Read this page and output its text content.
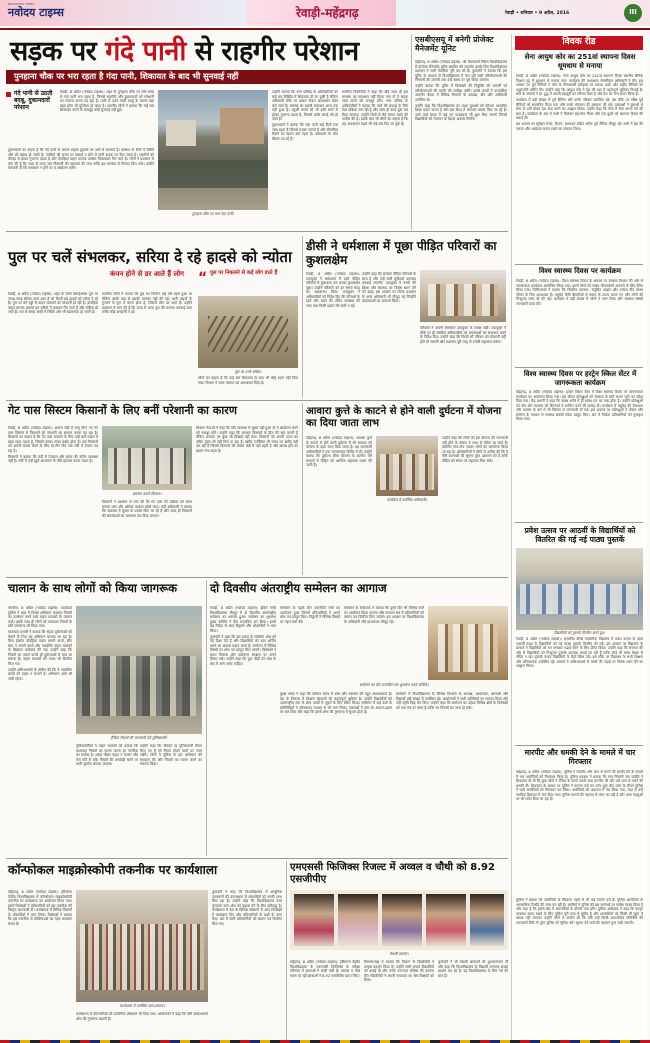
नवोदय टाइम्स
NAVODAYA TIMES
रेवाड़ी-महेंद्रगढ़	रेवाड़ी • शनिवार • 9 अप्रैल, 2016	III
सड़क पर गंदे पानी से राहगीर परेशान
पुनहाना चौक पर भरा रहता है गंदा पानी, शिकायत के बाद भी सुनवाई नहीं
गंदे पानी से उठती बदबू, दुकानदारों परेशान

रेवाड़ी, 8 अप्रैल (नवोदय टाइम्स): शहर के पुनहाना चौक पर लंबे समय से गंदा पानी भरा रहता है, जिससे राहगीरों और दुकानदारों को परेशानी का सामना करना पड़ रहा है। पानी से उठने वाली बदबू के कारण यहां खड़ा होना भी मुश्किल हो जाता है। स्थानीय लोगों ने बताया कि कई बार शिकायत करने के बावजूद कोई सुनवाई नहीं हुई।

दुकानदारों का कहना है कि गंदे पानी के कारण ग्राहक दुकानों पर आने से कतराते हैं। बरसात के दिनों में स्थिति और भी खराब हो जाती है। नालियों की समय पर सफाई न होने से पानी सड़क पर फैल जाता है। राहगीरों को कीचड़ से होकर गुजरना पड़ता है और दोपहिया वाहन चालक अक्सर फिसलकर गिर जाते हैं। लोगों ने प्रशासन से मांग की है कि जल्द से जल्द जल निकासी की व्यवस्था की जाए ताकि इस समस्या से निजात मिल सके। उन्होंने चेतावनी दी कि समाधान न होने पर वे आंदोलन करेंगे।

पुनहाना चौक पर भरा गंदा पानी।

उन्होंने बताया कि नगर परिषद के अधिकारियों को कई बार लिखित में शिकायत दी जा चुकी है लेकिन अधिकारी मौके पर आकर केवल आश्वासन देकर चले जाते हैं। समस्या का स्थायी समाधान आज तक नहीं हुआ है। स्कूली बच्चों को भी इसी रास्ते से होकर गुजरना पड़ता है, जिससे उनके कपड़े गंदे हो जाते हैं।

दुकानदारों ने बताया कि गंदा पानी कई दिनों तक जमा रहता है जिससे मच्छर पनपते हैं और बीमारियां फैलने का खतरा बना रहता है। आसपास के लोग बीमार पड़ रहे हैं।

स्थानीय निवासियों ने कहा कि यदि जल्द ही इस समस्या का समाधान नहीं किया गया तो वे सड़क जाम करने को मजबूर होंगे। नगर परिषद के अधिकारियों ने बताया कि नाले की सफाई के लिए टेंडर प्रक्रिया चल रही है और जल्द ही कार्य शुरू कर दिया जाएगा। उन्होंने लोगों से धैर्य बनाए रखने की अपील की है। इसके बाद भी लोगों का कहना है कि यह आश्वासन पहले भी कई बार दिए जा चुके हैं।

एसबीएसयू में बनेगी प्रोजेक्ट मैनेजमेंट यूनिट

महेंद्रगढ़, 8 अप्रैल (नवोदय टाइम्स): श्री विश्वकर्मा स्किल विश्वविद्यालय में प्रोजेक्ट मैनेजमेंट यूनिट स्थापित की जाएगी। इसके लिए विश्वविद्यालय प्रशासन ने सभी तैयारियां पूरी कर ली हैं। कुलपति ने बताया कि इस यूनिट के माध्यम से विश्वविद्यालय में चल रही सभी परियोजनाओं की निगरानी की जाएगी तथा उन्हें समय पर पूरा किया जाएगा।

उन्होंने बताया कि यूनिट में विशेषज्ञों की नियुक्ति की जाएगी जो परियोजनाओं की प्रगति की समीक्षा करेंगे। इससे कार्यों में पारदर्शिता आएगी। बैठक में विभिन्न विभागों के अध्यक्ष, डीन और अधिकारी उपस्थित थे।

उन्होंने कहा कि विश्वविद्यालय का लक्ष्य युवाओं को कौशल आधारित शिक्षा प्रदान करना है और इस दिशा में लगातार प्रयास किए जा रहे हैं। आने वाले समय में कई नए पाठ्यक्रम भी शुरू किए जाएंगे जिनसे विद्यार्थियों को रोजगार के बेहतर अवसर मिलेंगे।

विवक रीड
सेना आयुध कोर का 251वां स्थापना दिवस धूमधाम से मनाया

रेवाड़ी, 8 अप्रैल (नवोदय टाइम्स): सेना आयुध कोर का 251वां स्थापना दिवस स्थानीय सैनिक विश्राम गृह में धूमधाम से मनाया गया। कार्यक्रम की अध्यक्षता सेवानिवृत्त अधिकारी ने की। इस अवसर पर पूर्व सैनिकों ने कोर के गौरवशाली इतिहास पर प्रकाश डाला और शहीद सैनिकों को श्रद्धांजलि अर्पित की। उन्होंने कहा कि आयुध कोर ने देश की रक्षा में महत्वपूर्ण भूमिका निभाई है। कोर के जवानों ने हर युद्ध में अपनी बहादुरी का परिचय दिया है और देश का नाम रोशन किया है।

कार्यक्रम में बड़ी संख्या में पूर्व सैनिक और उनके परिवार उपस्थित रहे। इस मौके पर वरिष्ठ पूर्व सैनिकों को सम्मानित किया गया और उनके योगदान की सराहना की गई। वक्ताओं ने युवाओं से सेना में भर्ती होकर देश सेवा करने का आह्वान किया। उन्होंने कहा कि सेना में सेवा करना गर्व की बात है। कार्यक्रम के अंत में सभी ने मिलकर सहभोज किया और एक-दूसरे को स्थापना दिवस की बधाई दी।

इस अवसर पर सूबेदार मेजर, कैप्टन, हवलदार सहित अनेक पूर्व सैनिक मौजूद रहे। सभी ने देश की एकता और अखंडता बनाए रखने का संकल्प लिया।

विश्व स्वास्थ्य दिवस पर कार्यक्रम

रेवाड़ी, 8 अप्रैल (नवोदय टाइम्स): विश्व स्वास्थ्य दिवस के अवसर पर स्वास्थ्य विभाग की ओर से जागरूकता कार्यक्रम आयोजित किया गया। इसमें लोगों को स्वस्थ जीवनशैली अपनाने के लिए प्रेरित किया गया। चिकित्सकों ने बताया कि नियमित व्यायाम, संतुलित आहार और पर्याप्त नींद स्वस्थ जीवन के लिए आवश्यक हैं। मधुमेह जैसी बीमारियों से बचाव के उपाय बताए गए और लोगों की निःशुल्क जांच भी की गई। कार्यक्रम में बड़ी संख्या में लोगों ने भाग लिया और स्वास्थ्य संबंधी जानकारी प्राप्त की।

विश्व स्वास्थ्य दिवस पर हरट्रेन स्किल सेंटर में जागरूकता कार्यक्रम

महेंद्रगढ़, 8 अप्रैल (नवोदय टाइम्स): हरट्रेन स्किल सेंटर में विश्व स्वास्थ्य दिवस पर जागरूकता कार्यक्रम का आयोजन किया गया। इस दौरान प्रशिक्षुओं को स्वास्थ्य के प्रति सजग रहने का संदेश दिया गया। केंद्र प्रभारी ने कहा कि स्वस्थ शरीर में ही स्वस्थ मन का वास होता है। उन्होंने प्रशिक्षुओं को योग और व्यायाम को दिनचर्या में शामिल करने की सलाह दी। कार्यक्रम में मधुमेह की रोकथाम और उपचार के बारे में भी विस्तार से जानकारी दी गई। इस अवसर पर प्रशिक्षुओं ने पोस्टर और स्लोगन के माध्यम से स्वास्थ्य संबंधी संदेश प्रस्तुत किए। अंत में विजेता प्रतिभागियों को पुरस्कृत किया गया।

प्रवेश उत्सव पर आठवीं के विद्यार्थियों को वितरित की गई नई पाठ्य पुस्तकें
विद्यार्थियों को पुस्तकें वितरित करते हुए।

रेवाड़ी, 8 अप्रैल (नवोदय टाइम्स): राजकीय वरिष्ठ माध्यमिक विद्यालय में प्रवेश उत्सव के तहत आठवीं कक्षा के विद्यार्थियों को नई पाठ्य पुस्तकें वितरित की गईं। इस अवसर पर विद्यालय के प्राचार्य ने विद्यार्थियों को मन लगाकर पढ़ाई करने के लिए प्रेरित किया। उन्होंने कहा कि सरकार की ओर से विद्यार्थियों को निःशुल्क पुस्तकें उपलब्ध कराई जा रही हैं ताकि कोई भी बच्चा शिक्षा से वंचित न रहे। पुस्तकें पाकर विद्यार्थियों के चेहरे खिल उठे। इस मौके पर विद्यालय के सभी शिक्षक और अभिभावक उपस्थित रहे। प्राचार्य ने अभिभावकों से बच्चों की पढ़ाई पर विशेष ध्यान देने का आह्वान किया।

मारपीट और धमकी देने के मामले में चार गिरफ्तार

महेंद्रगढ़, 8 अप्रैल (नवोदय टाइम्स): पुलिस ने मारपीट और जान से मारने की धमकी देने के मामले में चार आरोपियों को गिरफ्तार किया है। पुलिस प्रवक्ता ने बताया कि गांव निवासी एक व्यक्ति ने शिकायत दी थी कि कुछ लोगों ने रंजिश के चलते उसके साथ मारपीट की और उसे जान से मारने की धमकी दी। शिकायत के आधार पर पुलिस ने मामला दर्ज कर जांच शुरू की। जांच के दौरान पुलिस ने चारों आरोपियों को गिरफ्तार कर लिया। आरोपियों को अदालत में पेश किया गया, जहां से उन्हें न्यायिक हिरासत में भेज दिया गया। पुलिस मामले की गहनता से जांच कर रही है और अन्य पहलुओं पर भी ध्यान दिया जा रहा है।

पुल पर चलें संभलकर, सरिया दे रहे हादसे को न्योता

रेवाड़ी, 8 अप्रैल (नवोदय टाइम्स): शहर के रेलवे फ्लाईओवर पुल पर जगह-जगह सरिया उभर आए हैं जो किसी बड़े हादसे को न्योता दे रहे हैं। पुल पर बने गड्ढों से वाहन चालकों को परेशानी हो रही है। दोपहिया वाहन चालक अक्सर इन सरियों में फंसकर गिर जाते हैं और चोटिल हो जाते हैं। रात के समय अंधेरे में स्थिति और भी खतरनाक हो जाती है।

स्थानीय लोगों ने बताया कि पुल का निर्माण कई वर्ष पहले हुआ था लेकिन उसके बाद से इसकी मरम्मत नहीं की गई। भारी वाहनों के गुजरने से पुल में कंपन होता है, जिससे लोग डर जाते हैं। उन्होंने प्रशासन से मांग की है कि जल्द से जल्द पुल की मरम्मत करवाई जाए ताकि कोई अनहोनी न हो।

कंपन होने से डर आते हैं लोग	“ पुल पर निकलने से कई लोग डरते हैं
पुल पर उभरे सरिया।

लोगों का कहना है कि कई बार शिकायत के बाद भी कोई ध्यान नहीं दिया गया। विभाग ने जल्द मरम्मत का आश्वासन दिया है।

डीसी ने धर्मशाला में पूछा पीड़ित परिवारों का कुशलक्षेम

रेवाड़ी, 8 अप्रैल (नवोदय टाइम्स): उपायुक्त ने धर्मशाला में ठहरे पीड़ित परिवारों से मुलाकात कर उनका कुशलक्षेम पूछा। उन्होंने परिवारों को हर संभव मदद का आश्वासन दिया। उपायुक्त ने अधिकारियों को निर्देश दिए कि परिवारों के रहने और खाने की उचित व्यवस्था की जाए तथा किसी प्रकार की कमी न रहे।

उन्होंने कहा कि सरकार पीड़ित परिवारों के साथ है और उन्हें सभी सुविधाएं उपलब्ध करवाई जाएंगी। उपायुक्त ने बच्चों की शिक्षा और स्वास्थ्य पर विशेष ध्यान देने को कहा। इस अवसर पर जिला प्रशासन के अन्य अधिकारी भी मौजूद रहे जिन्होंने व्यवस्थाओं का जायजा लिया।

परिवारों ने अपनी समस्याएं उपायुक्त के समक्ष रखीं। उपायुक्त ने मौके पर ही संबंधित अधिकारियों को समस्याओं का समाधान करने के निर्देश दिए। उन्होंने कहा कि किसी भी परिवार को परेशानी नहीं होने दी जाएगी और प्रशासन पूरी तरह से उनकी सहायता करेगा।

गेट पास सिस्टम किसानों के लिए बनीं परेशानी का कारण

रेवाड़ी, 8 अप्रैल (नवोदय टाइम्स): अनाज मंडी में लागू किए गए गेट पास सिस्टम से किसानों को परेशानी का सामना करना पड़ रहा है। किसानों का कहना है कि गेट पास बनवाने के लिए उन्हें घंटों लाइन में खड़ा रहना पड़ता है, जिससे उनका समय बर्बाद होता है। कई किसानों को अपनी फसल बेचने के लिए दो-तीन दिन तक मंडी में रुकना पड़ रहा है।

किसानों ने बताया कि मंडी में पेयजल और छाया की उचित व्यवस्था नहीं है। गर्मी में उन्हें खुले आसमान के नीचे इंतजार करना पड़ता है।

समस्या बताते किसान।

किसानों ने प्रशासन से मांग की कि गेट पास की प्रक्रिया को सरल बनाया जाए और अधिक काउंटर खोले जाएं। मंडी अधिकारी ने बताया कि व्यवस्था में सुधार के प्रयास किए जा रहे हैं और जल्द ही किसानों की समस्याओं का समाधान कर दिया जाएगा।

किसान नेताओं ने कहा कि यदि व्यवस्था में सुधार नहीं हुआ तो वे आंदोलन करने को मजबूर होंगे। उन्होंने कहा कि सरकार किसानों के हित की बात करती है लेकिन धरातल पर कुछ भी दिखाई नहीं देता। किसानों को अपनी उपज का उचित मूल्य भी नहीं मिल पा रहा है। खरीद एजेंसियां भी समय पर खरीद नहीं कर रही हैं जिससे किसानों की फसल मंडी में पड़ी रहती है और खराब होने का खतरा बना रहता है।

आवारा कुत्ते के काटने से होने वाली दुर्घटना में योजना का दिया जाता लाभ

महेंद्रगढ़, 8 अप्रैल (नवोदय टाइम्स): आवारा कुत्ते के काटने से होने वाली दुर्घटना में भी सरकार की योजना के तहत लाभ दिया जाता है। यह जानकारी अधिकारियों ने एक जागरूकता शिविर में दी। उन्होंने बताया कि दुर्घटना बीमा योजना के अंतर्गत ऐसे मामलों में पीड़ित को आर्थिक सहायता प्रदान की जाती है।

कार्यक्रम में उपस्थित अधिकारी।

उन्होंने कहा कि लोगों को इस योजना की जानकारी नहीं होने के कारण वे लाभ से वंचित रह जाते हैं। इसलिए गांव-गांव जाकर लोगों को जागरूक किया जा रहा है। अधिकारियों ने लोगों से अपील की कि वे ऐसी घटनाओं की सूचना तुरंत प्रशासन को दें ताकि पीड़ित को समय पर सहायता मिल सके।

चालान के साथ लोगों को किया जागरूक

नारनौल, 8 अप्रैल (नवोदय टाइम्स): यातायात पुलिस ने शहर में विशेष अभियान चलाकर नियमों का उल्लंघन करने वाले वाहन चालकों के चालान काटे। इसके साथ ही लोगों को यातायात नियमों के प्रति जागरूक भी किया गया।

यातायात प्रभारी ने बताया कि सड़क दुर्घटनाओं को रोकने के लिए यह अभियान चलाया जा रहा है। बिना हेलमेट दोपहिया वाहन चलाने वालों, सीट बेल्ट न लगाने वालों और नाबालिग वाहन चालकों के खिलाफ कार्रवाई की गई। उन्होंने कहा कि नियमों का पालन करके ही दुर्घटनाओं से बचा जा सकता है। वाहन चालकों को पत्रक भी वितरित किए गए।

उन्होंने अभिभावकों से अपील की कि वे नाबालिग बच्चों को वाहन न चलाने दें। अभियान आगे भी जारी रहेगा।

ट्रैफिक नियमों की जानकारी देते पुलिसकर्मी।

पुलिसकर्मियों ने वाहन चालकों को बताया कि यातायात नियमों का पालन करना हर नागरिक का कर्तव्य है। शराब पीकर वाहन न चलाएं और तेज गति से बचें। नियमों की अनदेखी करने पर भारी जुर्माना लगाया जाएगा।

उन्होंने कहा कि चौराहों पर पुलिसकर्मी तैनात किए गए हैं जो नियम तोड़ने वालों पर नजर रखेंगे। लोगों ने पुलिस के इस अभियान की सराहना की और नियमों का पालन करने का संकल्प लिया।

दो दिवसीय अंतराष्ट्रीय सम्मेलन का आगाज

रेवाड़ी, 8 अप्रैल (नवोदय टाइम्स): इंदिरा गांधी विश्वविद्यालय मीरपुर में दो दिवसीय अंतरराष्ट्रीय सम्मेलन का आगाज हुआ। सम्मेलन का शुभारंभ मुख्य अतिथि ने दीप प्रज्वलित कर किया। इसमें देश-विदेश से आए विद्वानों और शोधार्थियों ने भाग लिया।

कुलपति ने कहा कि इस प्रकार के सम्मेलन शोध को नई दिशा देते हैं और विद्यार्थियों को ज्ञान अर्जित करने का अवसर प्रदान करते हैं। सम्मेलन में विभिन्न विषयों पर शोध पत्र प्रस्तुत किए जाएंगे। विशेषज्ञों ने सतत विकास और पर्यावरण संरक्षण पर अपने विचार रखे। उन्होंने कहा कि युवा पीढ़ी को शोध के क्षेत्र में आगे आना चाहिए।

सम्मेलन के पहले दिन तकनीकी सत्रों का आयोजन हुआ जिसमें प्रतिभागियों ने अपने शोध पत्र प्रस्तुत किए। विद्वानों ने विभिन्न विषयों पर गहन चर्चा की।

सम्मेलन के संयोजक ने बताया कि दूसरे दिन भी विभिन्न सत्रों का आयोजन किया जाएगा और समापन सत्र में प्रतिभागियों को प्रमाण पत्र वितरित किए जाएंगे। इस अवसर पर विश्वविद्यालय के अधिकारी और प्राध्यापक मौजूद रहे।

सम्मेलन का दीप प्रज्वलित कर शुभारंभ करते अतिथि।

मुख्य वक्ता ने कहा कि वर्तमान समय में शोध और नवाचार की बहुत आवश्यकता है। देश के विकास में शिक्षण संस्थानों की महत्वपूर्ण भूमिका है। उन्होंने विद्यार्थियों को अंतरराष्ट्रीय स्तर के शोध कार्यों से जुड़ने के लिए प्रेरित किया। सम्मेलन में कई देशों के प्रतिनिधियों ने ऑनलाइन माध्यम से भी भाग लिया। वक्ताओं ने ज्ञान के आदान-प्रदान पर बल दिया और कहा कि इससे शोध की गुणवत्ता में सुधार होता है।

सम्मेलन में विश्वविद्यालय के विभिन्न विभागों के अध्यक्ष, प्राध्यापक, शोधार्थी और विद्यार्थी बड़ी संख्या में उपस्थित रहे। आयोजकों ने सभी अतिथियों का स्वागत किया और उन्हें स्मृति चिह्न भेंट किए। उन्होंने कहा कि सम्मेलन का उद्देश्य विभिन्न क्षेत्रों के विशेषज्ञों को एक मंच पर लाना है ताकि नए विचारों का जन्म हो सके।

कॉन्फोकल माइक्रोस्कोपी तकनीक पर कार्यशाला

महेंद्रगढ़, 8 अप्रैल (नवोदय टाइम्स): हरियाणा केंद्रीय विश्वविद्यालय में कॉन्फोकल माइक्रोस्कोपी तकनीक पर कार्यशाला का आयोजन किया गया। इसमें विशेषज्ञों ने प्रतिभागियों को इस तकनीक की विस्तृत जानकारी दी। कार्यशाला में विभिन्न विभागों के शोधार्थियों ने भाग लिया। विशेषज्ञों ने बताया कि इस तकनीक से कोशिकाओं का गहन अध्ययन संभव है।

कार्यशाला में उपस्थित छात्र-छात्राएं।

कार्यशाला में प्रतिभागियों को प्रायोगिक प्रशिक्षण भी दिया गया। आयोजकों ने कहा कि ऐसी कार्यशालाएं शोध की गुणवत्ता बढ़ाती हैं।

कुलपति ने कहा कि विश्वविद्यालय में आधुनिक उपकरणों की उपलब्धता से शोधार्थियों को काफी लाभ मिल रहा है। उन्होंने कहा कि विश्वविद्यालय उच्च गुणवत्ता वाले शोध को बढ़ावा देने के लिए प्रतिबद्ध है। कार्यशाला में देश के विभिन्न संस्थानों से आए विशेषज्ञों ने व्याख्यान दिए और प्रतिभागियों के प्रश्नों के उत्तर दिए। अंत में सभी प्रतिभागियों को प्रमाण पत्र वितरित किए गए।

एमएससी फिजिक्स रिजल्ट में अव्वल व चौथी को 8.92 एसजीपीए
मेधावी छात्राएं।

महेंद्रगढ़, 8 अप्रैल (नवोदय टाइम्स): हरियाणा केंद्रीय विश्वविद्यालय के एमएससी फिजिक्स के परीक्षा परिणाम में छात्राओं ने बाजी मारी है। अव्वल व चौथे स्थान पर रहीं छात्राओं ने 8.92 एसजीपीए प्राप्त किए।

विभागाध्यक्ष ने बताया कि विभाग के विद्यार्थियों ने उत्कृष्ट प्रदर्शन किया है। उन्होंने सभी सफल विद्यार्थियों को बधाई दी और उनके उज्ज्वल भविष्य की कामना की। विद्यार्थियों ने अपनी सफलता का श्रेय शिक्षकों को दिया।

कुलपति ने भी मेधावी छात्राओं को शुभकामनाएं दीं और कहा कि विश्वविद्यालय के विद्यार्थी लगातार अच्छा प्रदर्शन कर रहे हैं। यह विश्वविद्यालय के लिए गर्व की बात है।

पुलिस ने बताया कि आरोपियों के खिलाफ पहले से भी कई मामले दर्ज हैं। पुलिस आरोपियों के आपराधिक रिकॉर्ड की जांच कर रही है। ग्रामीणों ने पुलिस की इस कार्रवाई पर संतोष व्यक्त किया है और कहा है कि इससे क्षेत्र में अपराधियों के हौसले पस्त होंगे। पुलिस अधीक्षक ने कहा कि कानून व्यवस्था बनाए रखने के लिए पुलिस पूरी तरह से मुस्तैद है और अपराधियों को किसी भी सूरत में बख्शा नहीं जाएगा। उन्होंने लोगों से अपील की कि यदि उन्हें किसी आपराधिक गतिविधि की जानकारी मिले तो तुरंत पुलिस को सूचित करें। सूचना देने वाले की पहचान गुप्त रखी जाएगी।
